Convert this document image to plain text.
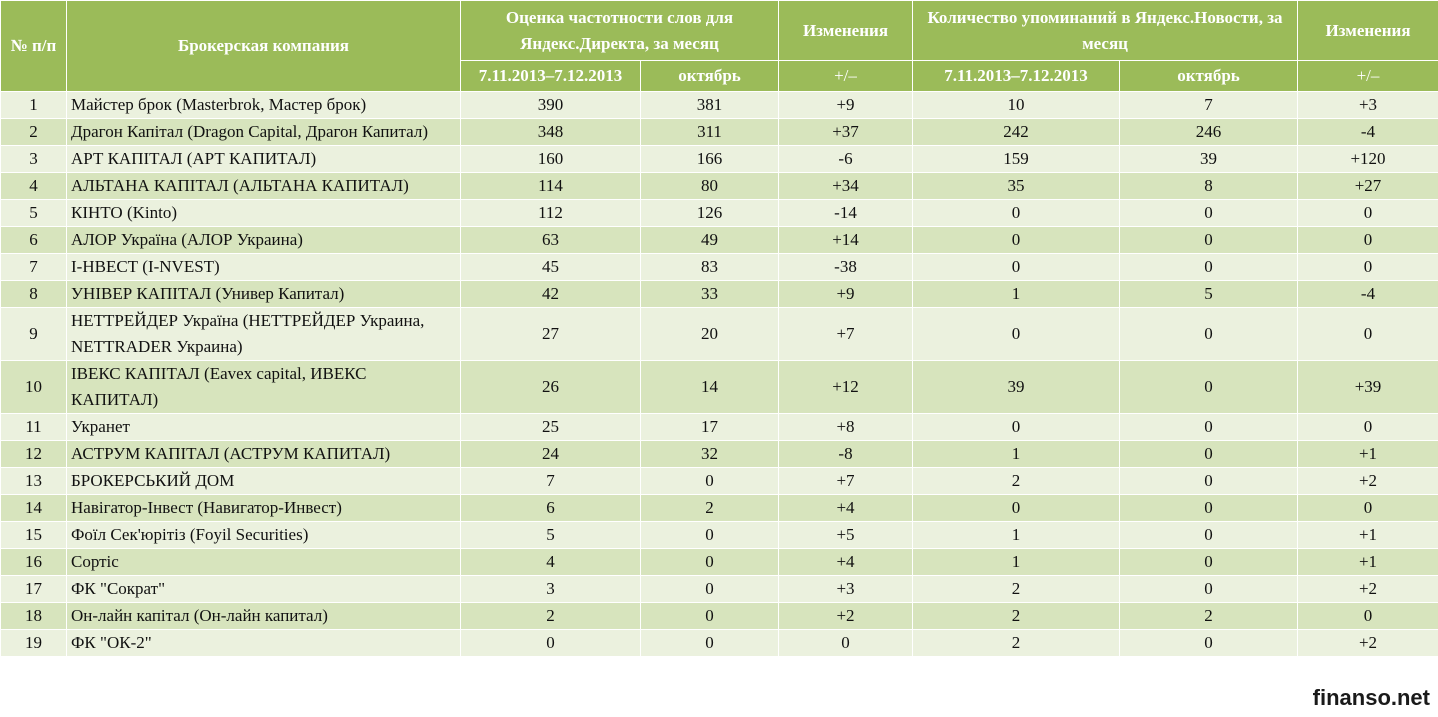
№ п/п	Брокерская компания	Оценка частотности слов для Яндекс.Директа, за месяц		Изменения	Количество упоминаний в Яндекс.Новости, за месяц		Изменения
		7.11.2013–7.12.2013	октябрь	+/–	7.11.2013–7.12.2013	октябрь	+/–
1	Майстер брок (Masterbrok, Мастер брок)	390	381	+9	10	7	+3
2	Драгон Капітал (Dragon Capital, Драгон Капитал)	348	311	+37	242	246	-4
3	АРТ КАПІТАЛ (АРТ КАПИТАЛ)	160	166	-6	159	39	+120
4	АЛЬТАНА КАПІТАЛ (АЛЬТАНА КАПИТАЛ)	114	80	+34	35	8	+27
5	КІНТО (Kinto)	112	126	-14	0	0	0
6	АЛОР Україна (АЛОР Украина)	63	49	+14	0	0	0
7	І-НВЕСТ (I-NVEST)	45	83	-38	0	0	0
8	УНІВЕР КАПІТАЛ (Универ Капитал)	42	33	+9	1	5	-4
9	НЕТТРЕЙДЕР Україна (НЕТТРЕЙДЕР Украина, NETTRADER Украина)	27	20	+7	0	0	0
10	ІВЕКС КАПІТАЛ (Eavex capital, ИВЕКС КАПИТАЛ)	26	14	+12	39	0	+39
11	Укранет	25	17	+8	0	0	0
12	АСТРУМ КАПІТАЛ (АСТРУМ КАПИТАЛ)	24	32	-8	1	0	+1
13	БРОКЕРСЬКИЙ ДОМ	7	0	+7	2	0	+2
14	Навігатор-Інвест (Навигатор-Инвест)	6	2	+4	0	0	0
15	Фоїл Сек'юрітіз (Foyil Securities)	5	0	+5	1	0	+1
16	Сортіс	4	0	+4	1	0	+1
17	ФК "Сократ"	3	0	+3	2	0	+2
18	Он-лайн капітал (Он-лайн капитал)	2	0	+2	2	2	0
19	ФК "ОК-2"	0	0	0	2	0	+2
finanso.net
